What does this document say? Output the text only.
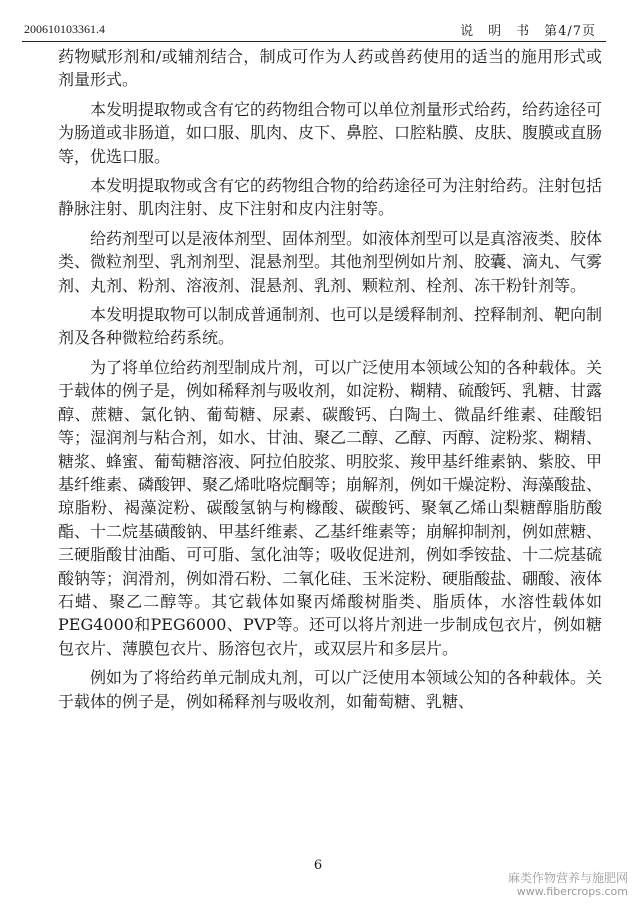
200610103361.4	说　明　书　第4/7页

药物赋形剂和/或辅剂结合，制成可作为人药或兽药使用的适当的施用形式或剂量形式。

本发明提取物或含有它的药物组合物可以单位剂量形式给药，给药途径可为肠道或非肠道，如口服、肌肉、皮下、鼻腔、口腔粘膜、皮肤、腹膜或直肠等，优选口服。

本发明提取物或含有它的药物组合物的给药途径可为注射给药。注射包括静脉注射、肌肉注射、皮下注射和皮内注射等。

给药剂型可以是液体剂型、固体剂型。如液体剂型可以是真溶液类、胶体类、微粒剂型、乳剂剂型、混悬剂型。其他剂型例如片剂、胶囊、滴丸、气雾剂、丸剂、粉剂、溶液剂、混悬剂、乳剂、颗粒剂、栓剂、冻干粉针剂等。

本发明提取物可以制成普通制剂、也可以是缓释制剂、控释制剂、靶向制剂及各种微粒给药系统。

为了将单位给药剂型制成片剂，可以广泛使用本领域公知的各种载体。关于载体的例子是，例如稀释剂与吸收剂，如淀粉、糊精、硫酸钙、乳糖、甘露醇、蔗糖、氯化钠、葡萄糖、尿素、碳酸钙、白陶土、微晶纤维素、硅酸铝等；湿润剂与粘合剂，如水、甘油、聚乙二醇、乙醇、丙醇、淀粉浆、糊精、糖浆、蜂蜜、葡萄糖溶液、阿拉伯胶浆、明胶浆、羧甲基纤维素钠、紫胶、甲基纤维素、磷酸钾、聚乙烯吡咯烷酮等；崩解剂，例如干燥淀粉、海藻酸盐、琼脂粉、褐藻淀粉、碳酸氢钠与枸橼酸、碳酸钙、聚氧乙烯山梨糖醇脂肪酸酯、十二烷基磺酸钠、甲基纤维素、乙基纤维素等；崩解抑制剂，例如蔗糖、三硬脂酸甘油酯、可可脂、氢化油等；吸收促进剂，例如季铵盐、十二烷基硫酸钠等；润滑剂，例如滑石粉、二氧化硅、玉米淀粉、硬脂酸盐、硼酸、液体石蜡、聚乙二醇等。其它载体如聚丙烯酸树脂类、脂质体，水溶性载体如PEG4000和PEG6000、PVP等。还可以将片剂进一步制成包衣片，例如糖包衣片、薄膜包衣片、肠溶包衣片，或双层片和多层片。

例如为了将给药单元制成丸剂，可以广泛使用本领域公知的各种载体。关于载体的例子是，例如稀释剂与吸收剂，如葡萄糖、乳糖、

6
麻类作物营养与施肥网
www.fibercrops.com
